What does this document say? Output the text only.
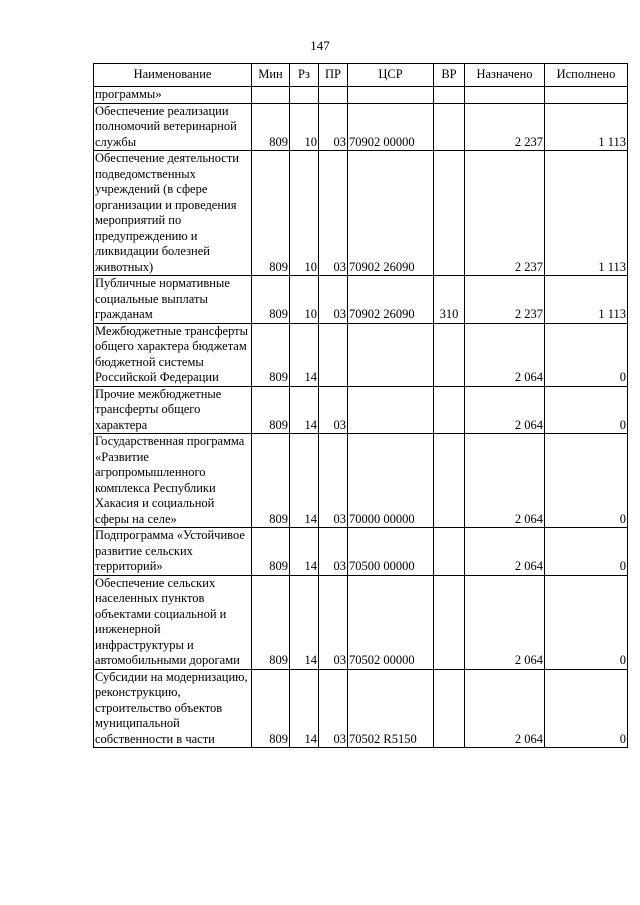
147
Наименование	Мин	Рз	ПР	ЦСР	ВР	Назначено	Исполнено
программы»							
Обеспечение реализации полномочий ветеринарной службы	809	10	03	70902 00000		2 237	1 113
Обеспечение деятельности подведомственных учреждений (в сфере организации и проведения мероприятий по предупреждению и ликвидации болезней животных)	809	10	03	70902 26090		2 237	1 113
Публичные нормативные социальные выплаты гражданам	809	10	03	70902 26090	310	2 237	1 113
Межбюджетные трансферты общего характера бюджетам бюджетной системы Российской Федерации	809	14				2 064	0
Прочие межбюджетные трансферты общего характера	809	14	03			2 064	0
Государственная программа «Развитие агропромышленного комплекса Республики Хакасия и социальной сферы на селе»	809	14	03	70000 00000		2 064	0
Подпрограмма «Устойчивое развитие сельских территорий»	809	14	03	70500 00000		2 064	0
Обеспечение сельских населенных пунктов объектами социальной и инженерной инфраструктуры и автомобильными дорогами	809	14	03	70502 00000		2 064	0
Субсидии на модернизацию, реконструкцию, строительство объектов муниципальной собственности в части	809	14	03	70502 R5150		2 064	0
